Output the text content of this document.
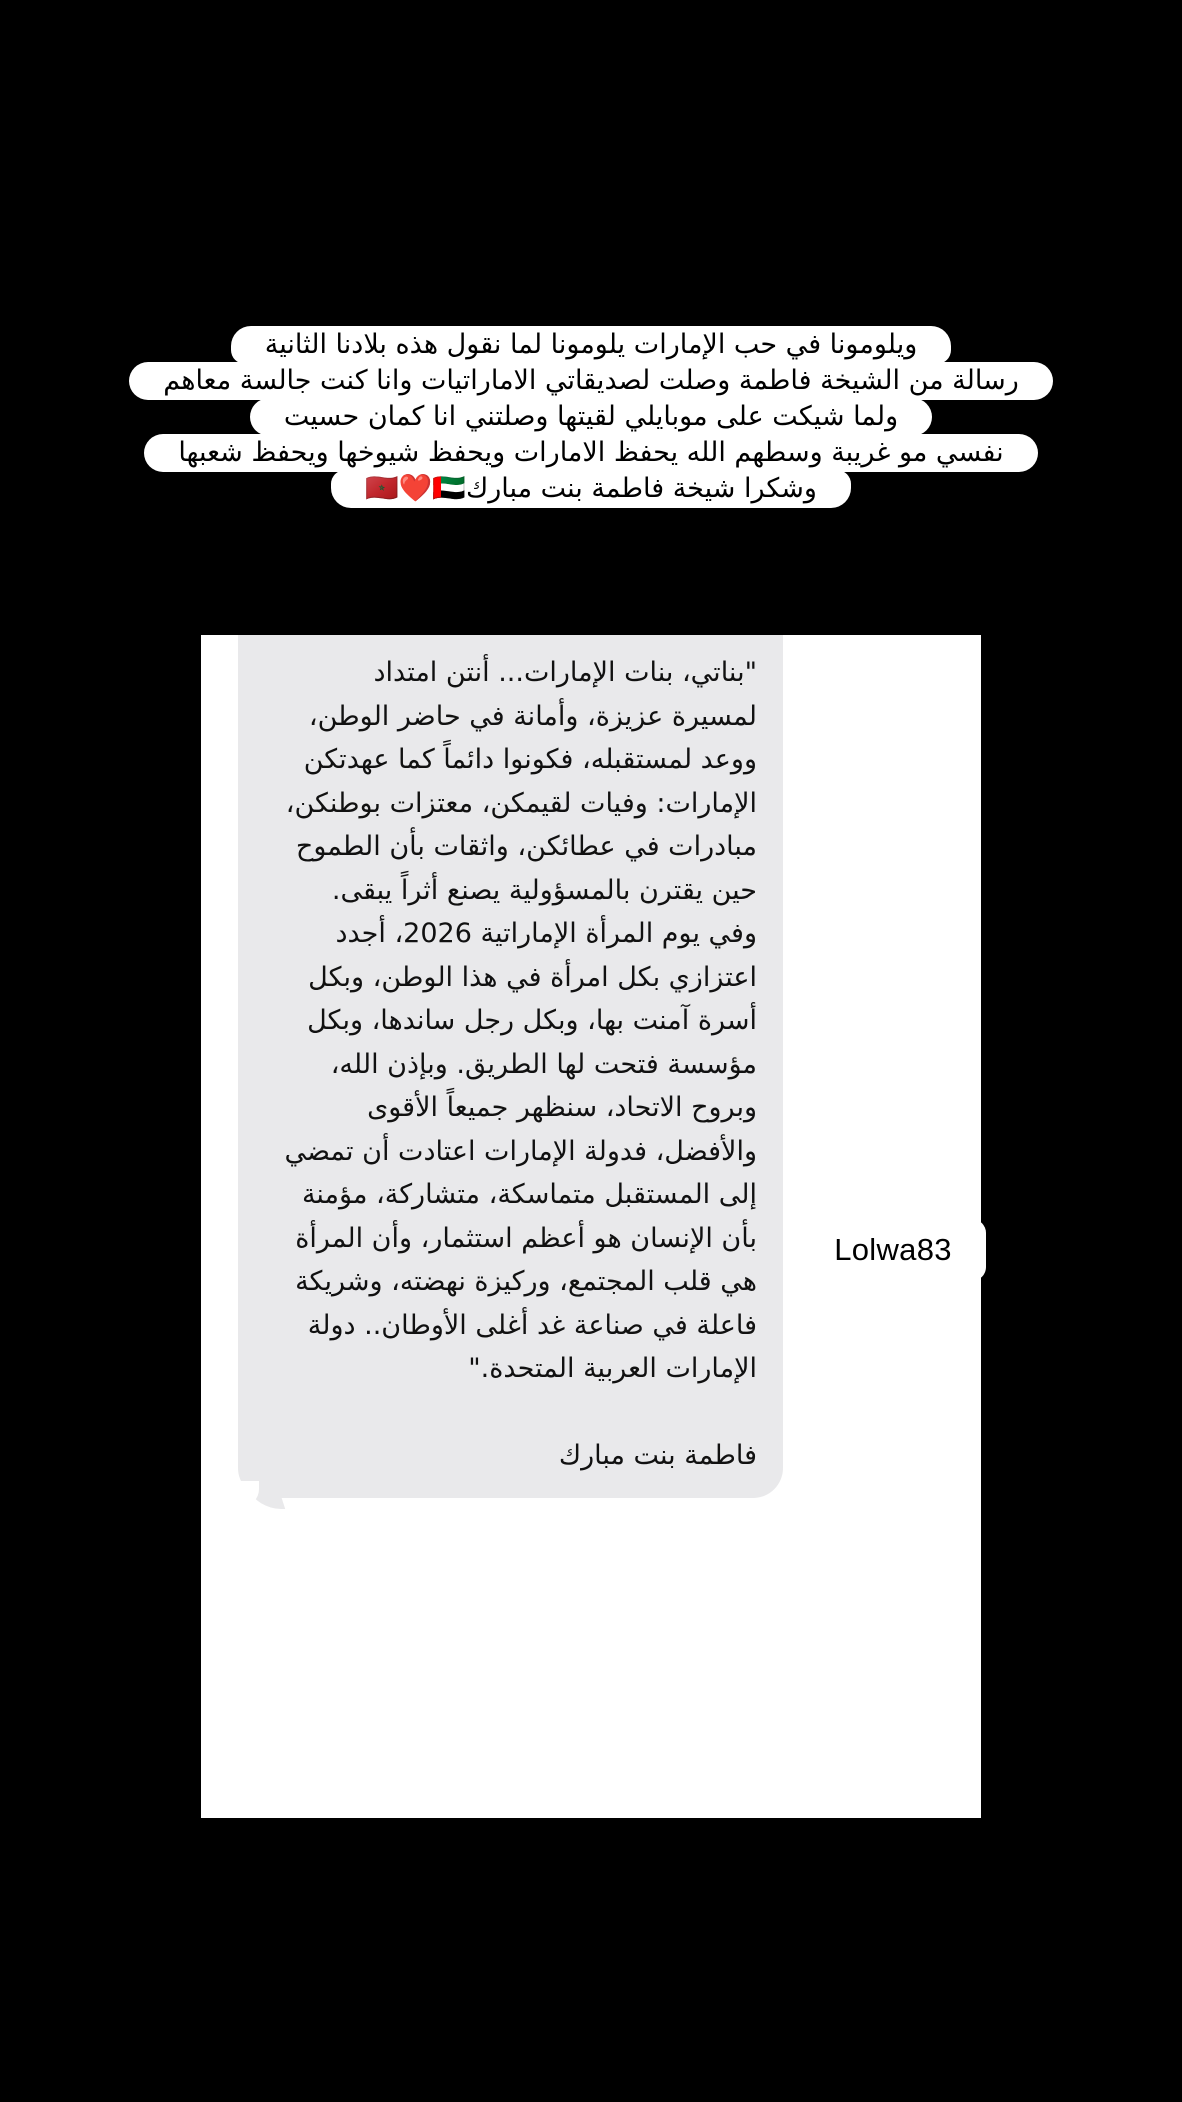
ويلومونا في حب الإمارات يلومونا لما نقول هذه بلادنا الثانية
رسالة من الشيخة فاطمة وصلت لصديقاتي الاماراتيات وانا كنت جالسة معاهم
ولما شيكت على موبايلي لقيتها وصلتني انا كمان حسيت
نفسي مو غريبة وسطهم الله يحفظ الامارات ويحفظ شيوخها ويحفظ شعبها
وشكرا شيخة فاطمة بنت مبارك🇲🇦❤️🇦🇪
"بناتي، بنات الإمارات... أنتن امتداد
لمسيرة عزيزة، وأمانة في حاضر الوطن،
ووعد لمستقبله، فكونوا دائماً كما عهدتكن
الإمارات: وفيات لقيمكن، معتزات بوطنكن،
مبادرات في عطائكن، واثقات بأن الطموح
حين يقترن بالمسؤولية يصنع أثراً يبقى.
وفي يوم المرأة الإماراتية 2026، أجدد
اعتزازي بكل امرأة في هذا الوطن، وبكل
أسرة آمنت بها، وبكل رجل ساندها، وبكل
مؤسسة فتحت لها الطريق. وبإذن الله،
وبروح الاتحاد، سنظهر جميعاً الأقوى
والأفضل، فدولة الإمارات اعتادت أن تمضي
إلى المستقبل متماسكة، متشاركة، مؤمنة
بأن الإنسان هو أعظم استثمار، وأن المرأة
هي قلب المجتمع، وركيزة نهضته، وشريكة
فاعلة في صناعة غد أغلى الأوطان.. دولة
الإمارات العربية المتحدة."
فاطمة بنت مبارك
Lolwa83
